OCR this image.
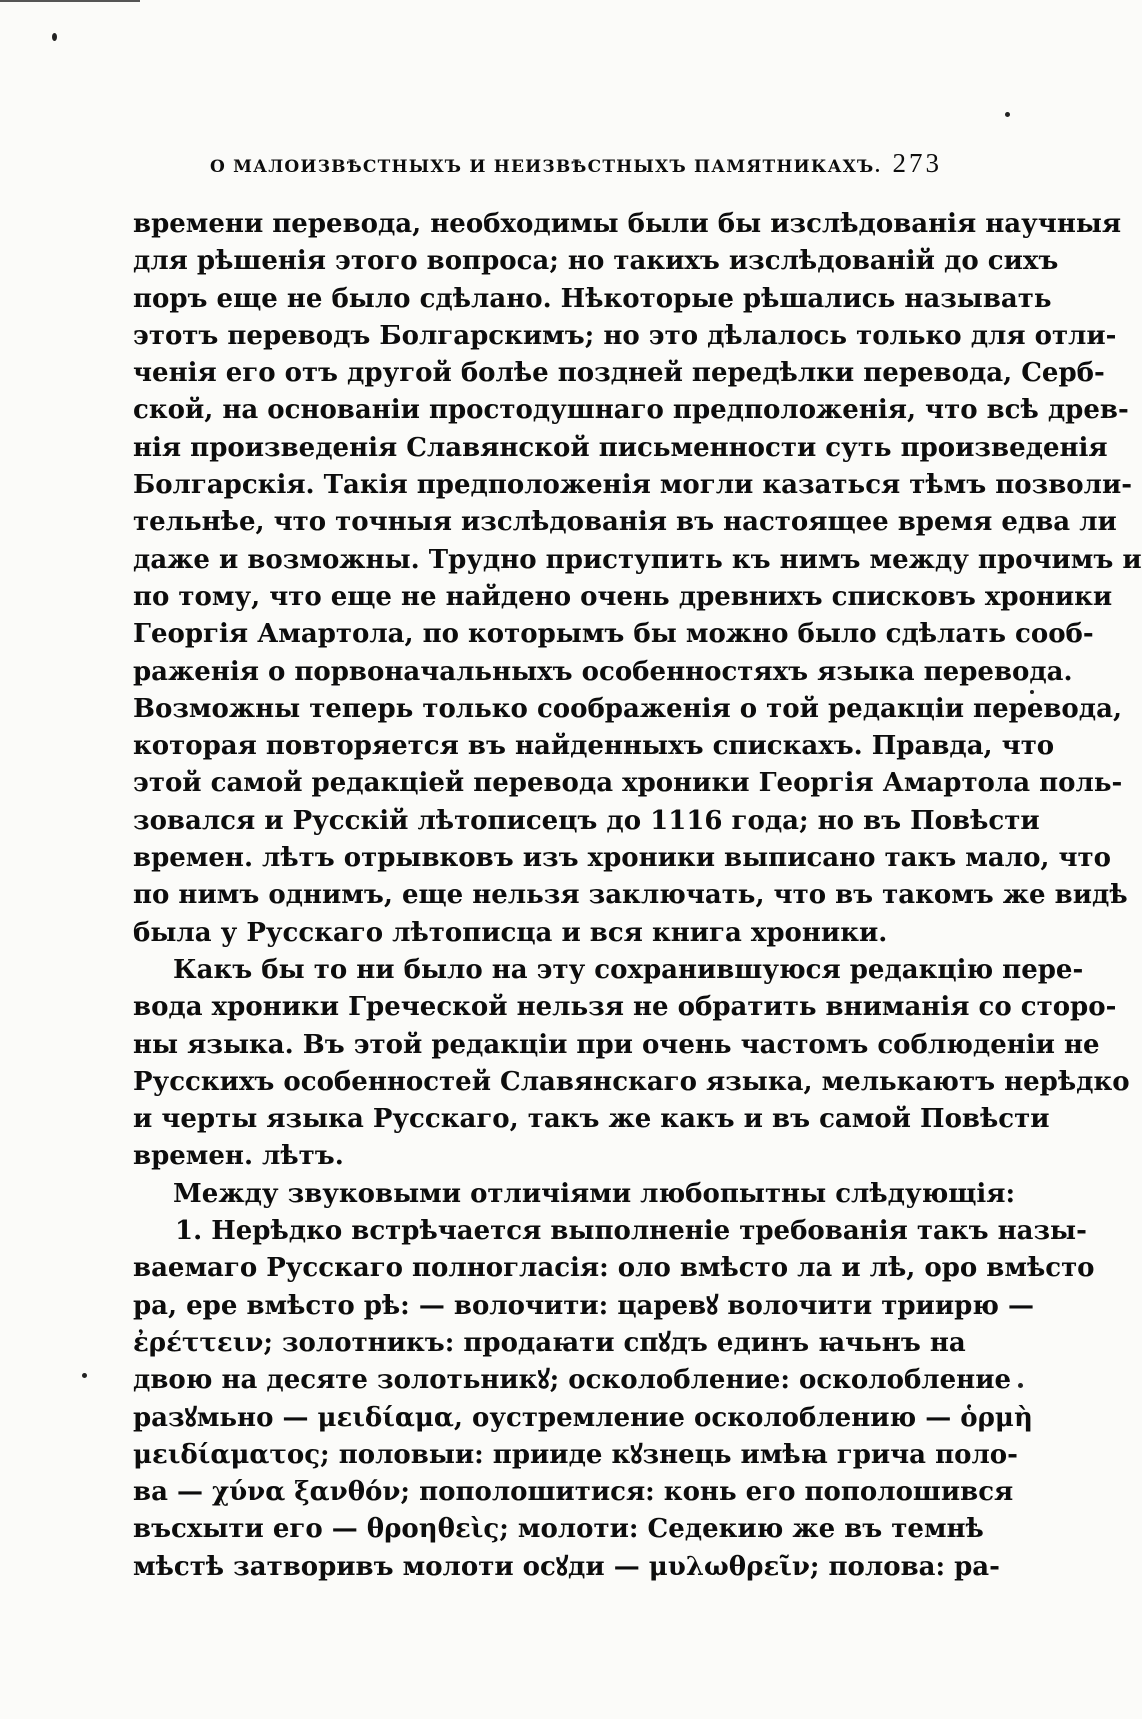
О МАЛОИЗВѢСТНЫХЪ И НЕИЗВѢСТНЫХЪ ПАМЯТНИКАХЪ. 273
времени перевода, необходимы были бы изслѣдованія научныя
для рѣшенія этого вопроса; но такихъ изслѣдованій до сихъ
поръ еще не было сдѣлано. Нѣкоторые рѣшались называть
этотъ переводъ Болгарскимъ; но это дѣлалось только для отли-
ченія его отъ другой болѣе поздней передѣлки перевода, Серб-
ской, на основаніи простодушнаго предположенія, что всѣ древ-
нія произведенія Славянской письменности суть произведенія
Болгарскія. Такія предположенія могли казаться тѣмъ позволи-
тельнѣе, что точныя изслѣдованія въ настоящее время едва ли
даже и возможны. Трудно приступить къ нимъ между прочимъ и
по тому, что еще не найдено очень древнихъ списковъ хроники
Георгія Амартола, по которымъ бы можно было сдѣлать сооб-
раженія о порвоначальныхъ особенностяхъ языка перевода.
Возможны теперь только соображенія о той редакціи перевода,
которая повторяется въ найденныхъ спискахъ. Правда, что
этой самой редакціей перевода хроники Георгія Амартола поль-
зовался и Русскій лѣтописецъ до 1116 года; но въ Повѣсти
времен. лѣтъ отрывковъ изъ хроники выписано такъ мало, что
по нимъ однимъ, еще нельзя заключать, что въ такомъ же видѣ
была у Русскаго лѣтописца и вся книга хроники.
Какъ бы то ни было на эту сохранившуюся редакцію пере-
вода хроники Греческой нельзя не обратить вниманія со сторо-
ны языка. Въ этой редакціи при очень частомъ соблюденіи не
Русскихъ особенностей Славянскаго языка, мелькаютъ нерѣдко
и черты языка Русскаго, такъ же какъ и въ самой Повѣсти
времен. лѣтъ.
Между звуковыми отличіями любопытны слѣдующія:
1. Нерѣдко встрѣчается выполненіе требованія такъ назы-
ваемаго Русскаго полногласія: оло вмѣсто ла и лѣ, оро вмѣсто
ра, ере вмѣсто рѣ: — волочити: царевꙋ волочити триирю —
ἐρέττειν; золотникъ: продаꙗти спꙋдъ единъ ꙗчьнъ на
двою на десяте золотьникꙋ; осколобление: осколобление
разꙋмьно — μειδίαμα, оустремление осколоблению — ὁρμὴ
μειδίαματος; половыи: прииде кꙋзнець имѣꙗ грича поло-
ва — χύνα ξανθόν; пополошитися: конь его пополошився
въсхыти его — θροηθεὶς; молоти: Седекию же въ темнѣ
мѣстѣ затворивъ молоти осꙋди — μυλωθρεῖν; полова: ра-
